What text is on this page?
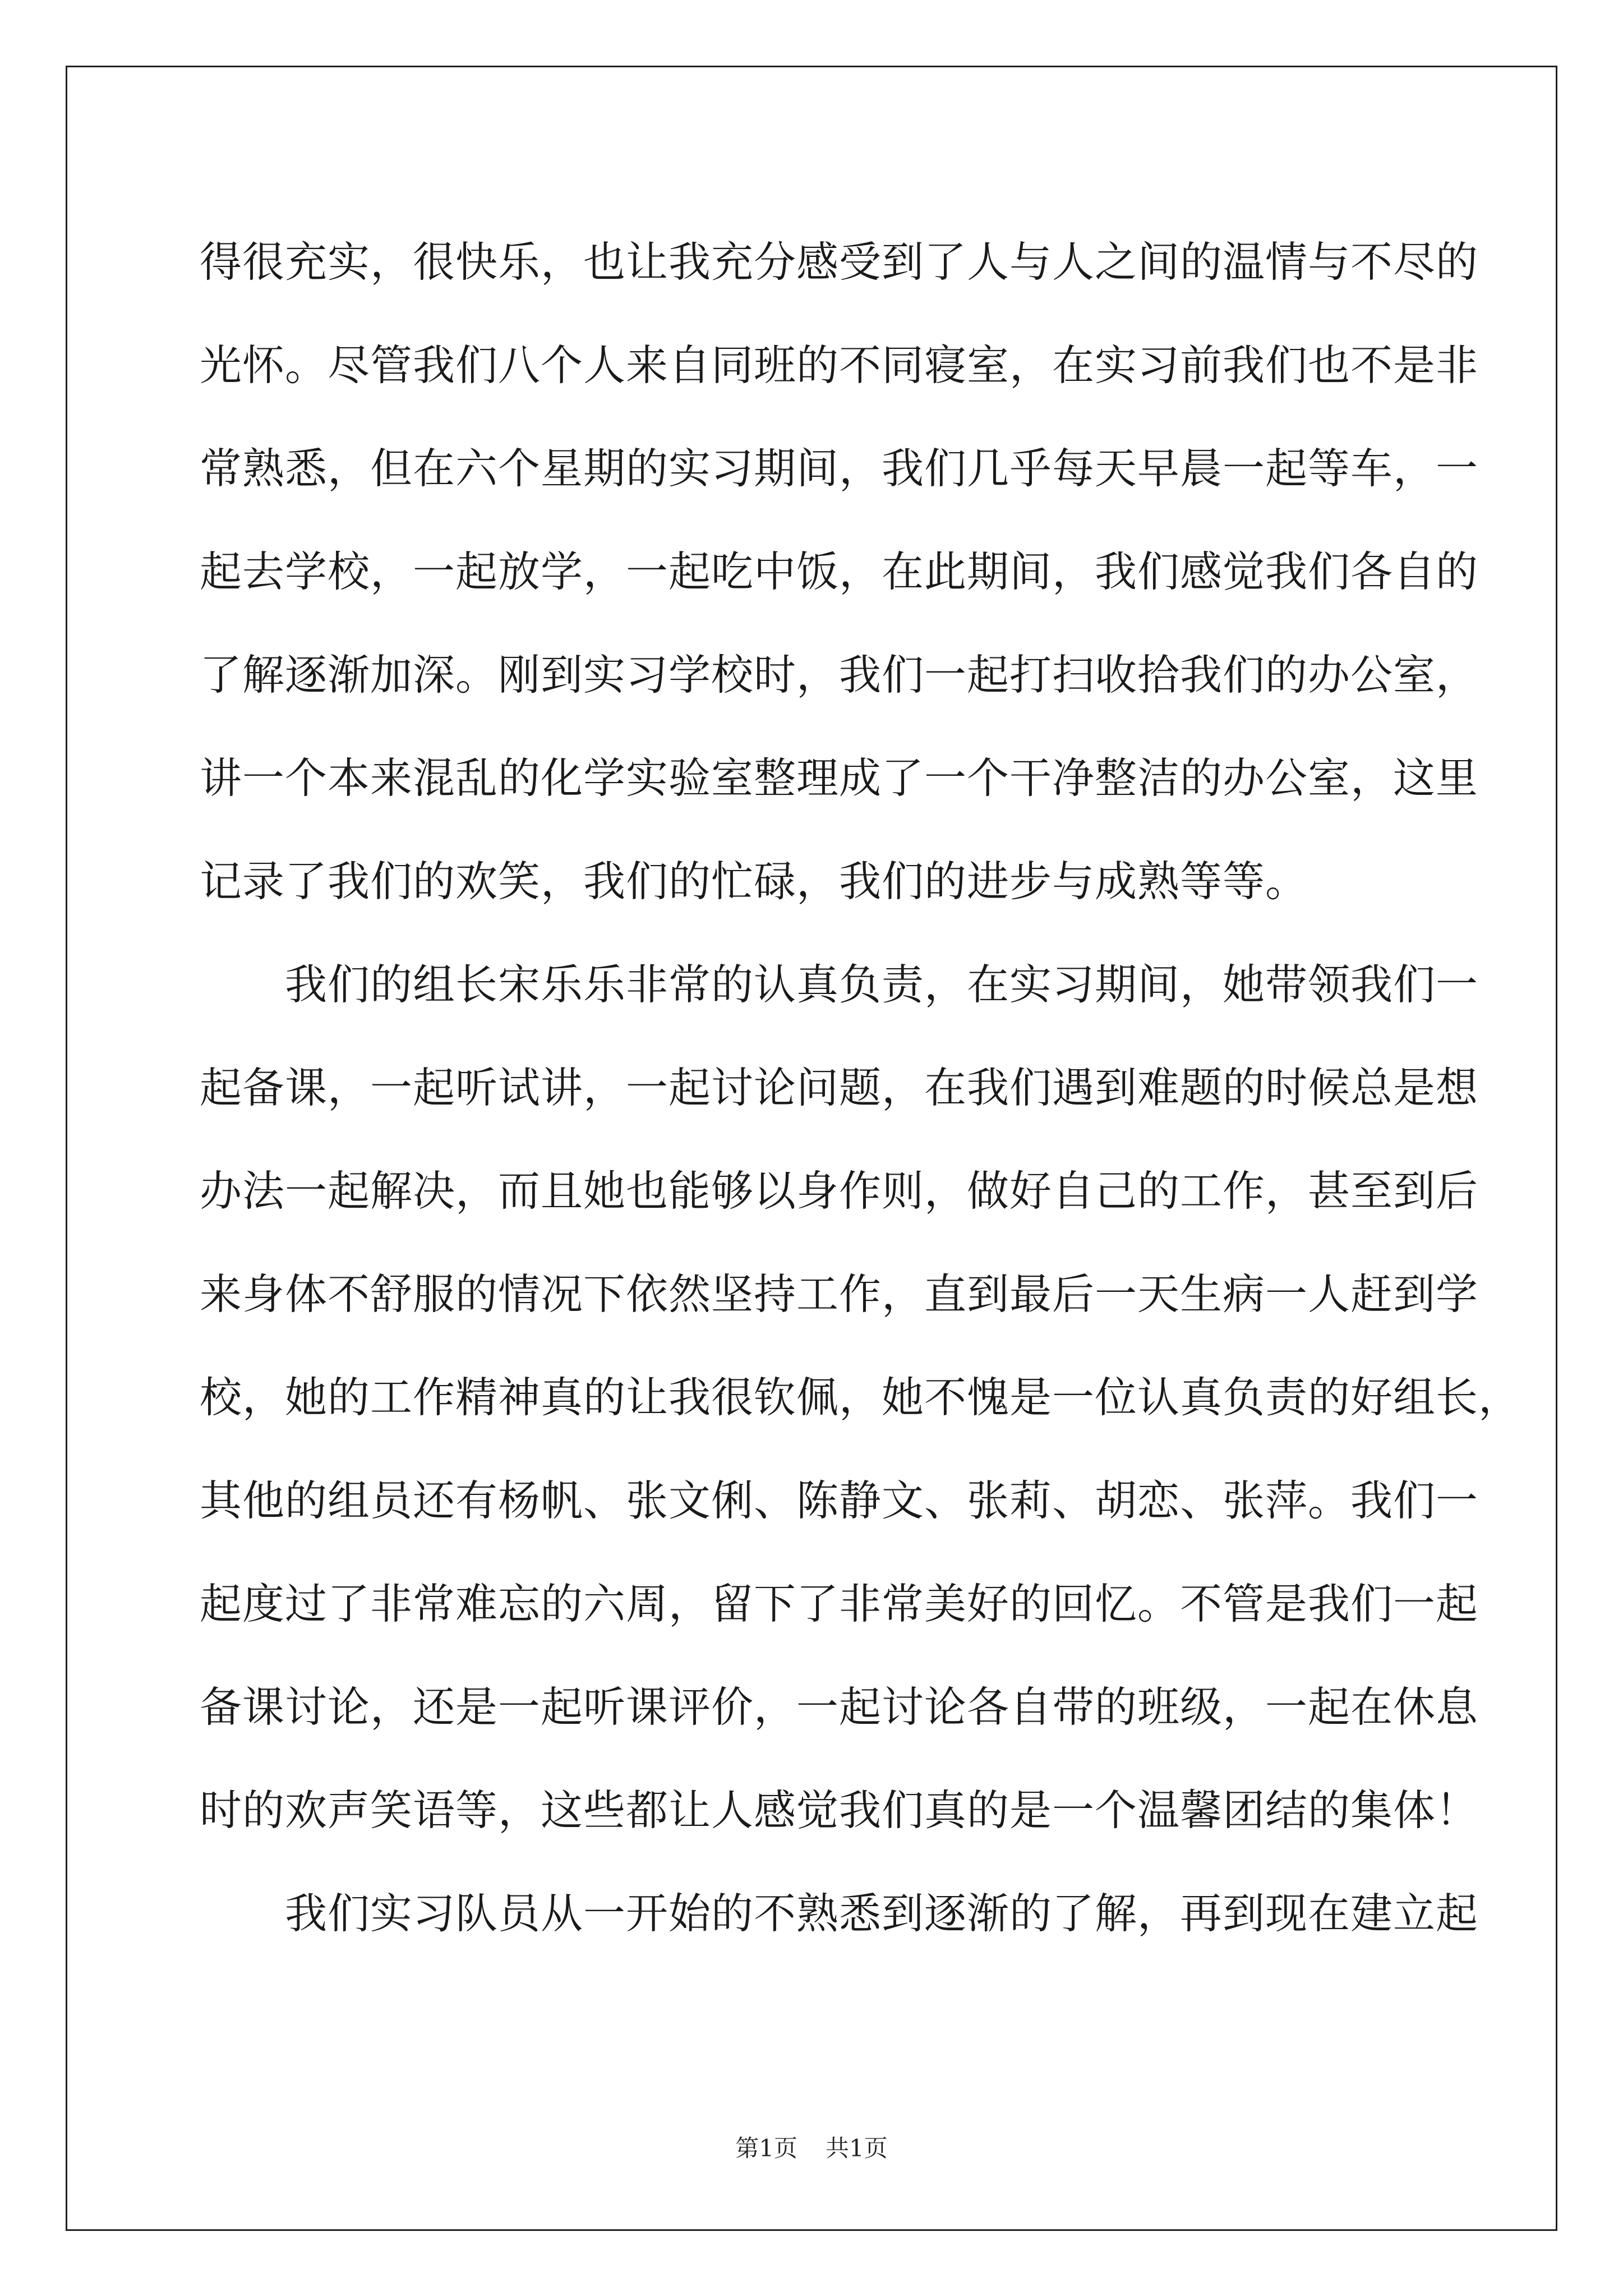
得很充实，很快乐，也让我充分感受到了人与人之间的温情与不尽的
光怀。尽管我们八个人来自同班的不同寝室，在实习前我们也不是非
常熟悉，但在六个星期的实习期间，我们几乎每天早晨一起等车，一
起去学校，一起放学，一起吃中饭，在此期间，我们感觉我们各自的
了解逐渐加深。刚到实习学校时，我们一起打扫收拾我们的办公室，
讲一个本来混乱的化学实验室整理成了一个干净整洁的办公室，这里
记录了我们的欢笑，我们的忙碌，我们的进步与成熟等等。
我们的组长宋乐乐非常的认真负责，在实习期间，她带领我们一
起备课，一起听试讲，一起讨论问题，在我们遇到难题的时候总是想
办法一起解决，而且她也能够以身作则，做好自己的工作，甚至到后
来身体不舒服的情况下依然坚持工作，直到最后一天生病一人赶到学
校，她的工作精神真的让我很钦佩，她不愧是一位认真负责的好组长，
其他的组员还有杨帆、张文俐、陈静文、张莉、胡恋、张萍。我们一
起度过了非常难忘的六周，留下了非常美好的回忆。不管是我们一起
备课讨论，还是一起听课评价，一起讨论各自带的班级，一起在休息
时的欢声笑语等，这些都让人感觉我们真的是一个温馨团结的集体！
我们实习队员从一开始的不熟悉到逐渐的了解，再到现在建立起
第1页 共1页
